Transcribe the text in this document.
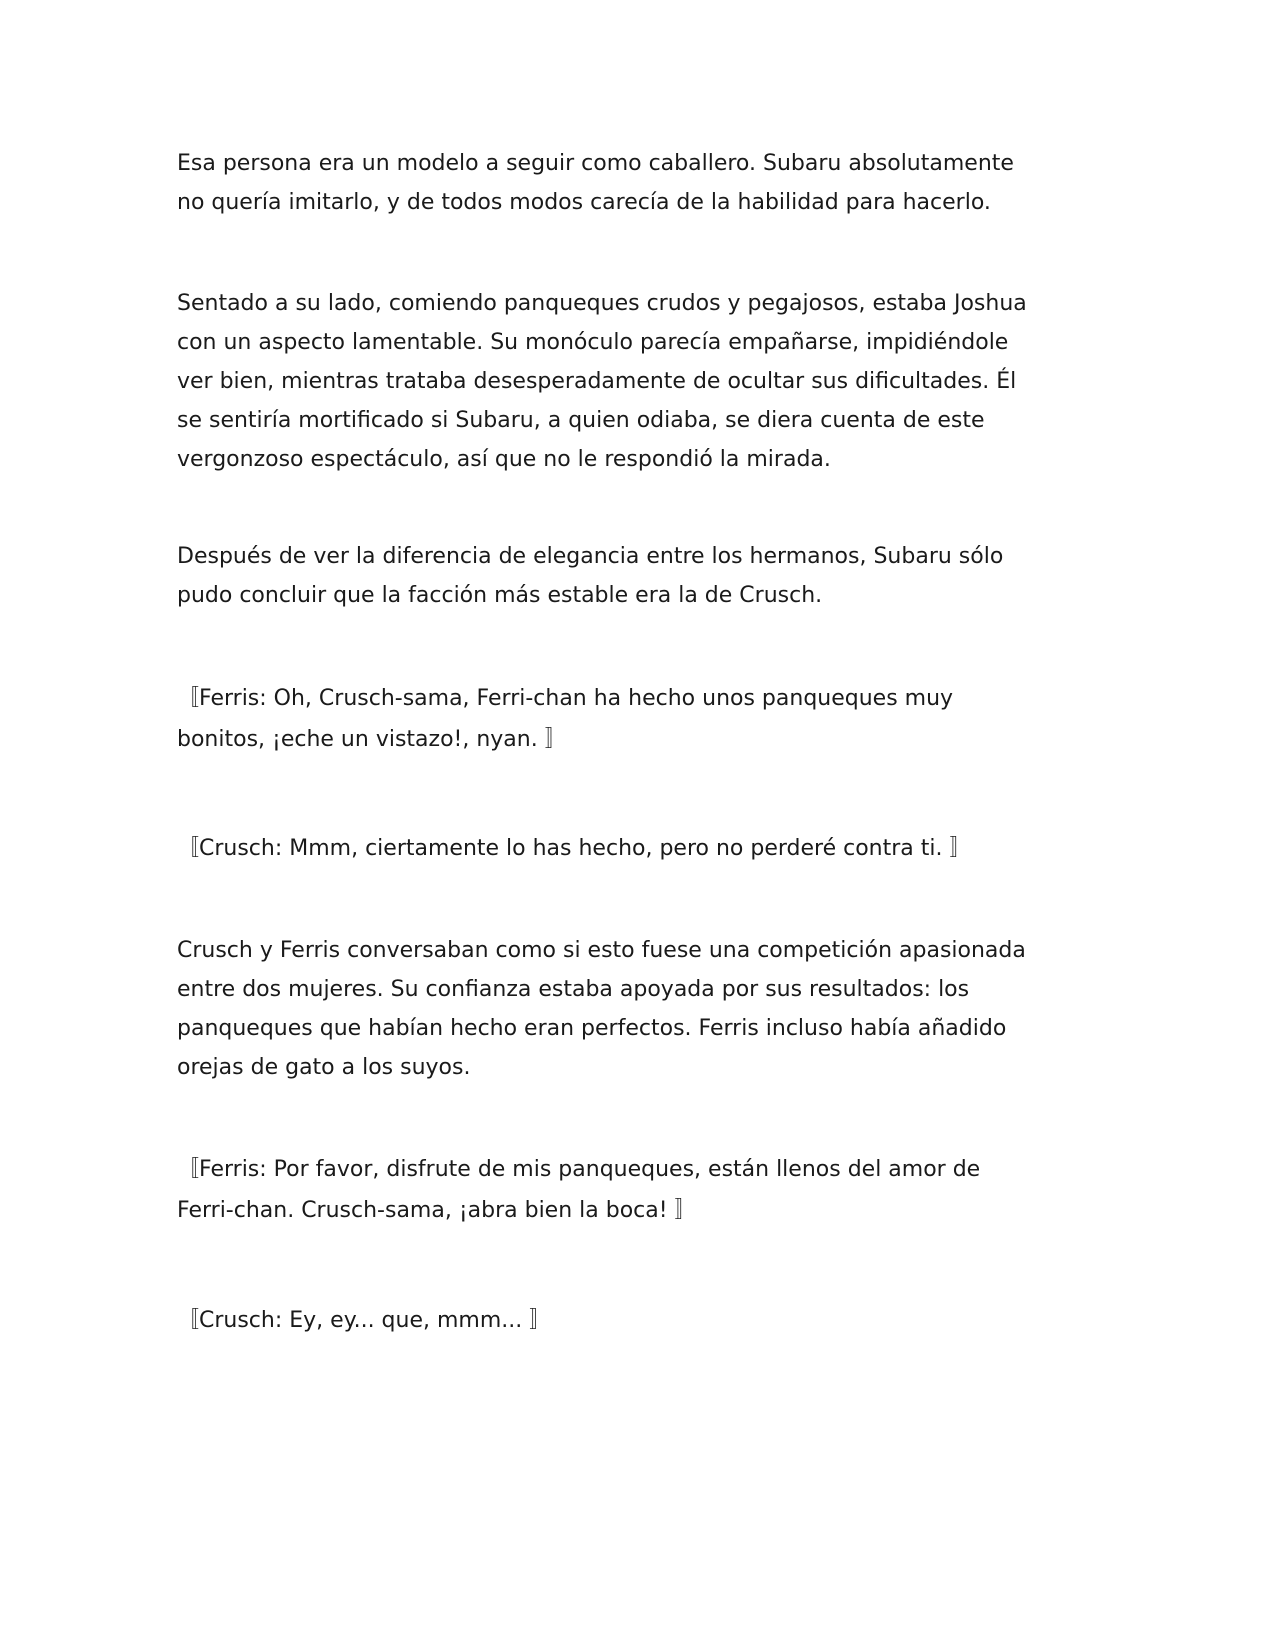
Esa persona era un modelo a seguir como caballero. Subaru absolutamente
no quería imitarlo, y de todos modos carecía de la habilidad para hacerlo.

Sentado a su lado, comiendo panqueques crudos y pegajosos, estaba Joshua
con un aspecto lamentable. Su monóculo parecía empañarse, impidiéndole
ver bien, mientras trataba desesperadamente de ocultar sus dificultades. Él
se sentiría mortificado si Subaru, a quien odiaba, se diera cuenta de este
vergonzoso espectáculo, así que no le respondió la mirada.

Después de ver la diferencia de elegancia entre los hermanos, Subaru sólo
pudo concluir que la facción más estable era la de Crusch.

〚Ferris: Oh, Crusch-sama, Ferri-chan ha hecho unos panqueques muy
bonitos, ¡eche un vistazo!, nyan. 〛

〚Crusch: Mmm, ciertamente lo has hecho, pero no perderé contra ti. 〛

Crusch y Ferris conversaban como si esto fuese una competición apasionada
entre dos mujeres. Su confianza estaba apoyada por sus resultados: los
panqueques que habían hecho eran perfectos. Ferris incluso había añadido
orejas de gato a los suyos.

〚Ferris: Por favor, disfrute de mis panqueques, están llenos del amor de
Ferri-chan. Crusch-sama, ¡abra bien la boca! 〛

〚Crusch: Ey, ey... que, mmm... 〛
